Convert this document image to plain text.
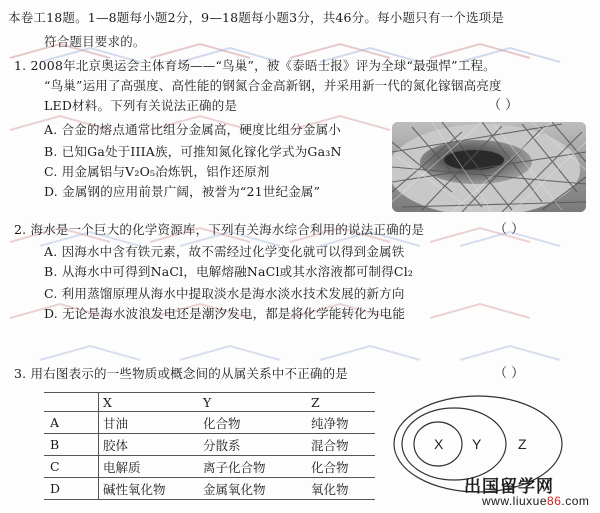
本卷工18题。1—8题每小题2分，9—18题每小题3分，共46分。每小题只有一个选项是
符合题目要求的。
1. 2008年北京奥运会主体育场——“鸟巢”，被《泰晤士报》评为全球“最强悍”工程。
“鸟巢”运用了高强度、高性能的钢氮合金高新钢，并采用新一代的氮化镓铟高亮度
LED材料。下列有关说法正确的是	（ ）
A. 合金的熔点通常比组分金属高，硬度比组分金属小
B. 已知Ga处于IIIA族，可推知氮化镓化学式为Ga₃N
C. 用金属铝与V₂O₅冶炼钒，铝作还原剂
D. 金属钢的应用前景广阔，被誉为“21世纪金属”
2. 海水是一个巨大的化学资源库，下列有关海水综合利用的说法正确的是	（ ）
A. 因海水中含有铁元素，故不需经过化学变化就可以得到金属铁
B. 从海水中可得到NaCl，电解熔融NaCl或其水溶液都可制得Cl₂
C. 利用蒸馏原理从海水中提取淡水是海水淡水技术发展的新方向
D. 无论是海水波浪发电还是潮汐发电，都是将化学能转化为电能
3. 用右图表示的一些物质或概念间的从属关系中不正确的是	（ ）
	X	Y	Z
A	甘油	化合物	纯净物
B	胶体	分散系	混合物
C	电解质	离子化合物	化合物
D	碱性氧化物	金属氧化物	氧化物
X Y	Z
出国留学网
www.liuxue86.com
